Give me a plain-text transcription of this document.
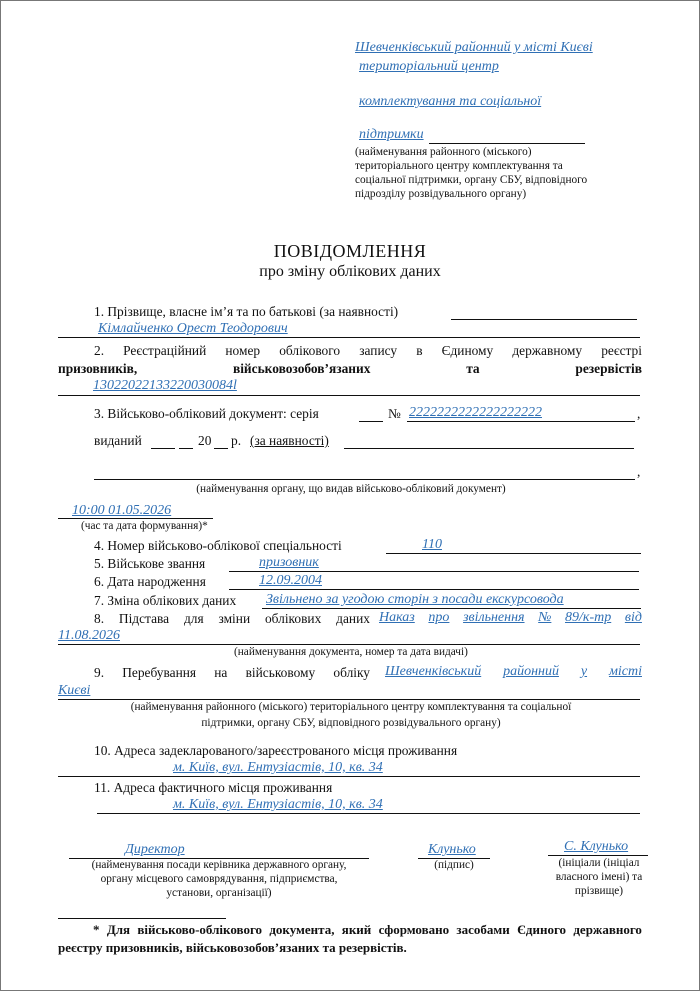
Шевченківський районний у місті Києві
територіальний центр
комплектування та соціальної
підтримки
(найменування районного (міського)
територіального центру комплектування та
соціальної підтримки, органу СБУ, відповідного
підрозділу розвідувального органу)
ПОВІДОМЛЕННЯ
про зміну облікових даних
1. Прізвище, власне ім’я та по батькові (за наявності)
Кімлайченко Орест Теодорович
2. Реєстраційний номер облікового запису в Єдиному державному реєстрі
призовників,	військовозобов’язаних	та	резервістів
13022022133220030084l
3. Військово-обліковий документ: серія	№ 2222222222222222222	,
виданий	20 р. (за наявності)
,
(найменування органу, що видав військово-обліковий документ)
10:00 01.05.2026
(час та дата формування)*
4. Номер військово-облікової спеціальності	110
5. Військове звання	призовник
6. Дата народження	12.09.2004
7. Зміна облікових даних Звільнено за угодою сторін з посади екскурсовода
8. Підстава для зміни облікових даних Наказ про звільнення № 89/к-тр від
11.08.2026
(найменування документа, номер та дата видачі)
9. Перебування на військовому обліку Шевченківський районний у місті
Києві
(найменування районного (міського) територіального центру комплектування та соціальної
підтримки, органу СБУ, відповідного розвідувального органу)
10. Адреса задекларованого/зареєстрованого місця проживання
м. Київ, вул. Ентузіастів, 10, кв. 34
11. Адреса фактичного місця проживання
м. Київ, вул. Ентузіастів, 10, кв. 34
Директор
(найменування посади керівника державного органу,
органу місцевого самоврядування, підприємства,
установи, організації)
Клунько
(підпис)
С. Клунько
(ініціали (ініціал
власного імені) та
прізвище)
* Для військово-облікового документа, який сформовано засобами Єдиного державного
реєстру призовників, військовозобов’язаних та резервістів.
